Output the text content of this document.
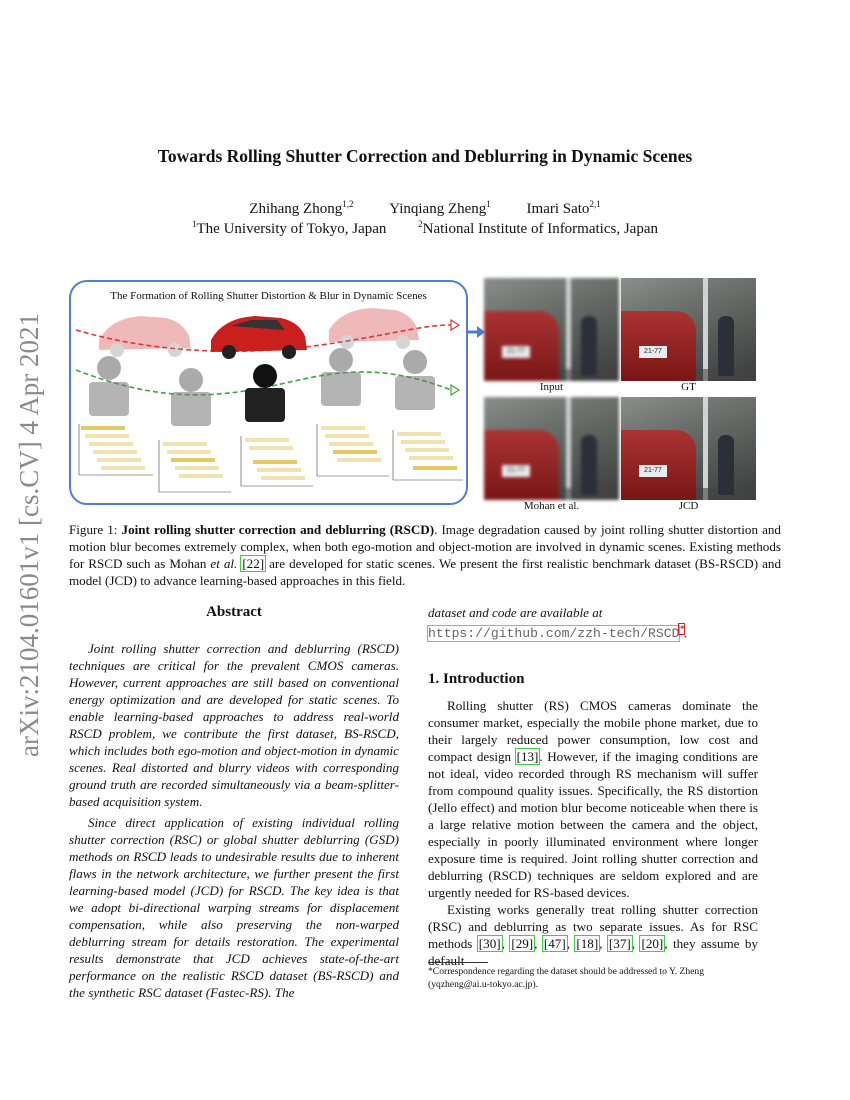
arXiv:2104.01601v1 [cs.CV] 4 Apr 2021
Towards Rolling Shutter Correction and Deblurring in Dynamic Scenes
Zhihang Zhong$^{1,2}$ Yinqiang Zheng$^1$ Imari Sato$^{2,1}$
$^1$The University of Tokyo, Japan	$^2$National Institute of Informatics, Japan
The Formation of Rolling Shutter Distortion & Blur in Dynamic Scenes
21-77	21-77
Input	GT
21-77	21-77
Mohan et al.	JCD
Figure 1: Joint rolling shutter correction and deblurring (RSCD). Image degradation caused by joint rolling shutter distortion and motion blur becomes extremely complex, when both ego-motion and object-motion are involved in dynamic scenes. Existing methods for RSCD such as Mohan et al. [22] are developed for static scenes. We present the first realistic benchmark dataset (BS-RSCD) and model (JCD) to advance learning-based approaches in this field.
Abstract

Joint rolling shutter correction and deblurring (RSCD) techniques are critical for the prevalent CMOS cameras. However, current approaches are still based on conventional energy optimization and are developed for static scenes. To enable learning-based approaches to address real-world RSCD problem, we contribute the first dataset, BS-RSCD, which includes both ego-motion and object-motion in dynamic scenes. Real distorted and blurry videos with corresponding ground truth are recorded simultaneously via a beam-splitter-based acquisition system.

Since direct application of existing individual rolling shutter correction (RSC) or global shutter deblurring (GSD) methods on RSCD leads to undesirable results due to inherent flaws in the network architecture, we further present the first learning-based model (JCD) for RSCD. The key idea is that we adopt bi-directional warping streams for displacement compensation, while also preserving the non-warped deblurring stream for details restoration. The experimental results demonstrate that JCD achieves state-of-the-art performance on the realistic RSCD dataset (BS-RSCD) and the synthetic RSC dataset (Fastec-RS). The

dataset and code are available at https://github.com/zzh-tech/RSCD*.
1. Introduction

Rolling shutter (RS) CMOS cameras dominate the consumer market, especially the mobile phone market, due to their largely reduced power consumption, low cost and compact design [13]. However, if the imaging conditions are not ideal, video recorded through RS mechanism will suffer from compound quality issues. Specifically, the RS distortion (Jello effect) and motion blur become noticeable when there is a large relative motion between the camera and the object, especially in poorly illuminated environment where longer exposure time is required. Joint rolling shutter correction and deblurring (RSCD) techniques are seldom explored and are urgently needed for RS-based devices.

Existing works generally treat rolling shutter correction (RSC) and deblurring as two separate issues. As for RSC methods [30], [29], [47], [18], [37], [20], they assume by default

*Correspondence regarding the dataset should be addressed to Y. Zheng (yqzheng@ai.u-tokyo.ac.jp).
